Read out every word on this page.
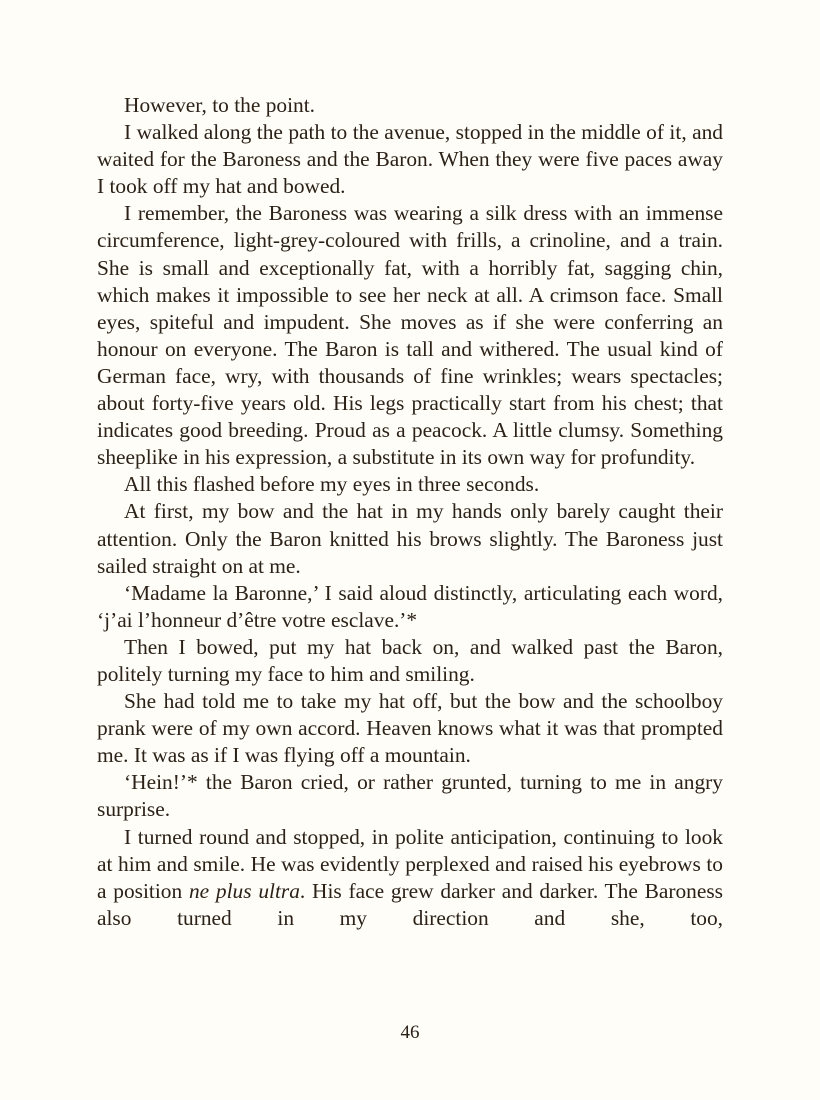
However, to the point.

I walked along the path to the avenue, stopped in the middle of it, and waited for the Baroness and the Baron. When they were five paces away I took off my hat and bowed.

I remember, the Baroness was wearing a silk dress with an immense circumference, light-grey-coloured with frills, a crinoline, and a train. She is small and exceptionally fat, with a horribly fat, sagging chin, which makes it impossible to see her neck at all. A crimson face. Small eyes, spiteful and impudent. She moves as if she were conferring an honour on everyone. The Baron is tall and withered. The usual kind of German face, wry, with thousands of fine wrinkles; wears spectacles; about forty-five years old. His legs practically start from his chest; that indicates good breeding. Proud as a peacock. A little clumsy. Something sheeplike in his expression, a substitute in its own way for profundity.

All this flashed before my eyes in three seconds.

At first, my bow and the hat in my hands only barely caught their attention. Only the Baron knitted his brows slightly. The Baroness just sailed straight on at me.

‘Madame la Baronne,’ I said aloud distinctly, articulating each word, ‘j’ai l’honneur d’être votre esclave.’*

Then I bowed, put my hat back on, and walked past the Baron, politely turning my face to him and smiling.

She had told me to take my hat off, but the bow and the schoolboy prank were of my own accord. Heaven knows what it was that prompted me. It was as if I was flying off a mountain.

‘Hein!’* the Baron cried, or rather grunted, turning to me in angry surprise.

I turned round and stopped, in polite anticipation, continuing to look at him and smile. He was evidently perplexed and raised his eyebrows to a position ne plus ultra. His face grew darker and darker. The Baroness also turned in my direction and she, too,

46
